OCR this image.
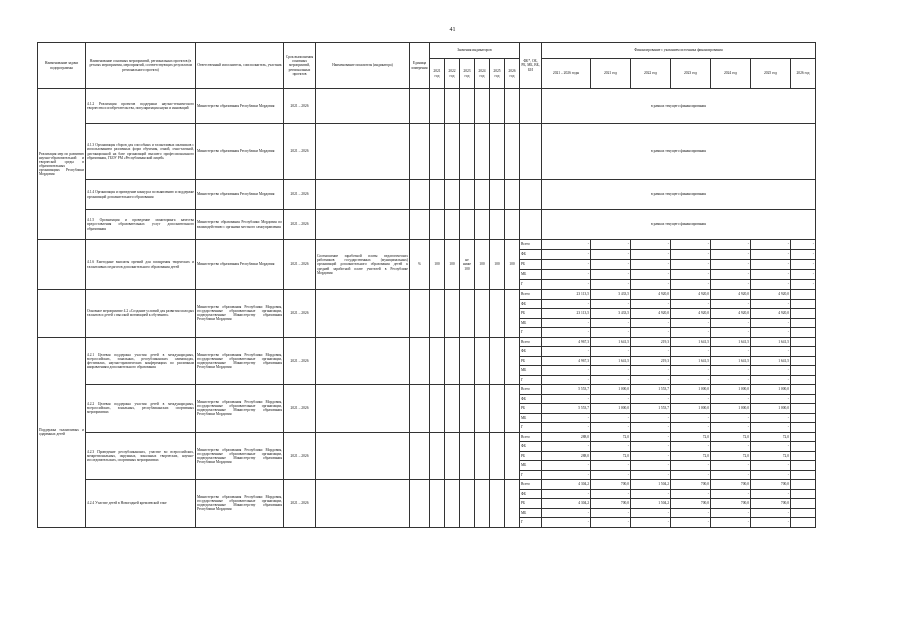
41
Наименование задачи подпрограммы	Наименование основных мероприятий, региональных проектов (в деталях мероприятия, мероприятий, соответствующих результатам регионального проекта)	Ответственный исполнитель, соисполнитель, участник	Срок выполнения основных мероприятий, региональных проектов	Наименование показателя (индикатора)	Единица измерения	Значения индикаторов						ФБ*, ОБ, РБ, МБ, ВБ, БИ	Финансирование с указанием источника финансирования						
						2021 год	2022 год	2023 год	2024 год	2025 год	2026 год		2021 – 2026 годы	2021 год	2022 год	2023 год	2024 год	2025 год	2026 год
Реализация мер по развитию научно-образовательной и творческой среды в образовательных организациях Республики Мордовия	4.1.2 Реализация проектов поддержки научно-технического творчества и изобретательства, популяризация науки и инноваций	Министерство образования Республики Мордовия	2021 – 2026										в рамках текущего финансирования						
	4.1.3 Организация сборов для способных и талантливых мальчиков с использованием различных форм обучения, очной, очно-заочной, дистанционной на базе организаций высшего профессионального образования, ГБОУ РМ «Республиканский лицей»	Министерство образования Республики Мордовия	2021 – 2026										в рамках текущего финансирования						
	4.1.4 Организация и проведение конкурса по выявлению и поддержке организаций дополнительного образования	Министерство образования Республики Мордовия	2021 – 2026										в рамках текущего финансирования						
	4.1.5 Организация и проведение мониторинга качества предоставления образовательных услуг дополнительного образования	Министерство образования Республики Мордовия по взаимодействию с органами местного самоуправления	2021 – 2026										в рамках текущего финансирования						
	4.1.6 Ежегодные выплаты премий для поощрения творческих и талантливых педагогов дополнительного образования детей	Министерство образования Республики Мордовия	2021 – 2026	Соотношение заработной платы педагогических работников государственных (муниципальных) организаций дополнительного образования детей к средней заработной плате учителей в Республике Мордовия	%	100	100	не ниже 100	100	100	100	Всего	-	-	-	-	-	-	-
												ФБ	-	-	-	-	-	-	-
												РБ	-	-	-	-	-	-	-
												МБ	-	-	-	-	-	-	-
												Г	-	-	-	-	-	-	-
	Основное мероприятие 4.2 «Создание условий для развития молодых талантов и детей с высокой мотивацией к обучению»	Министерство образования Республики Мордовия, государственные образовательные организации, подведомственные Министерству образования Республики Мордовия	2021 – 2026									Всего	23 113,5	3 433,5	4 920,0	4 920,0	4 920,0	4 920,0	
												ФБ	-	-	-	-	-	-	
												РБ	23 113,5	3 433,5	4 920,0	4 920,0	4 920,0	4 920,0	
												МБ	-	-	-	-	-	-	
												Г	-	-	-	-	-	-	
Поддержка талантливых и одаренных детей	4.2.1 Целевая поддержка участия детей в международных, всероссийских, зональных, республиканских олимпиадах, фестивалях, научно-практических конференциях по различным направлениям дополнительного образования	Министерство образования Республики Мордовия, государственные образовательные организации, подведомственные Министерству образования Республики Мордовия	2021 – 2026									Всего	4 967,3	1 641,5	219,3	1 641,5	1 641,5	1 641,5	
												ФБ	-	-	-	-	-	-	
												РБ	4 967,3	1 641,5	219,3	1 641,5	1 641,5	1 641,5	
												МБ	-	-	-	-	-	-	
												Г	-	-	-	-	-	-	
	4.2.2 Целевая поддержка участия детей в международных, всероссийских, зональных, республиканских спортивных мероприятиях	Министерство образования Республики Мордовия, государственные образовательные организации, подведомственные Министерству образования Республики Мордовия	2021 – 2026									Всего	5 553,7	1 000,0	1 553,7	1 000,0	1 000,0	1 000,0	
												ФБ	-	-	-	-	-	-	
												РБ	5 553,7	1 000,0	1 553,7	1 000,0	1 000,0	1 000,0	
												МБ	-	-	-	-	-	-	
												Г	-	-	-	-	-	-	
	4.2.3 Проведение республиканских, участие во всероссийских, межрегиональных, окружных, зональных творческих, научно-исследовательских, спортивных мероприятиях	Министерство образования Республики Мордовия, государственные образовательные организации, подведомственные Министерству образования Республики Мордовия	2021 – 2026									Всего	288,0	72,0	-	72,0	72,0	72,0	
												ФБ	-	-	-	-	-	-	
												РБ	288,0	72,0	-	72,0	72,0	72,0	
												МБ	-	-	-	-	-	-	
												Г	-	-	-	-	-	-	
	4.2.4 Участие детей в Новогодней кремлевской елке	Министерство образования Республики Мордовия, государственные образовательные организации, подведомственные Министерству образования Республики Мордовия	2021 – 2026									Всего	4 304,2	700,0	1 504,2	700,0	700,0	700,0	
												ФБ	-	-	-	-	-	-	
												РБ	4 304,2	700,0	1 504,2	700,0	700,0	700,0	
												МБ	-	-	-	-	-	-	
												Г	-	-	-	-	-	-	
